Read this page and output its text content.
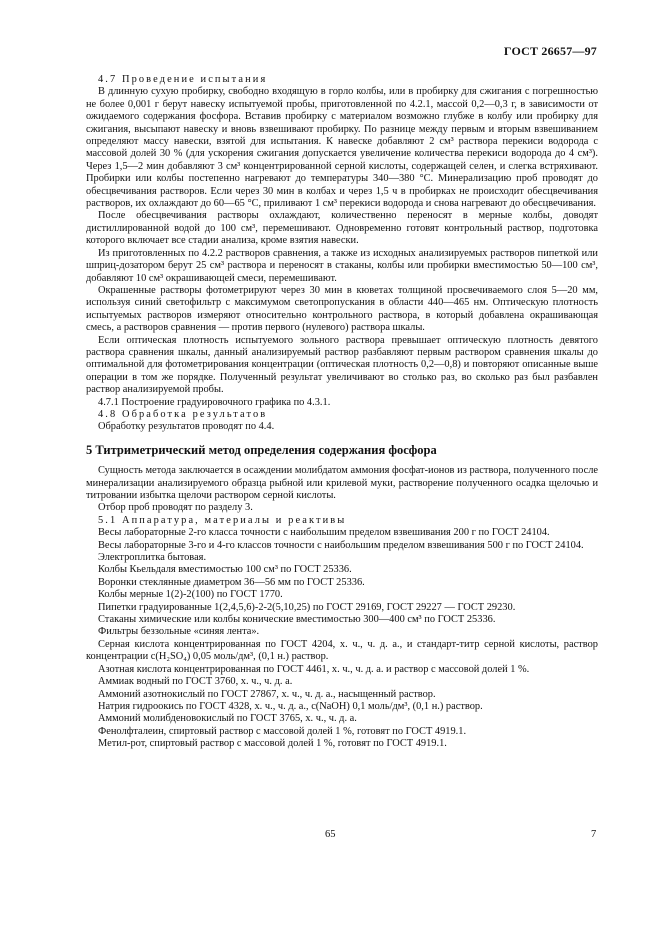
ГОСТ 26657—97

4.7 Проведение испытания

В длинную сухую пробирку, свободно входящую в горло колбы, или в пробирку для сжигания с погрешностью не более 0,001 г берут навеску испытуемой пробы, приготовленной по 4.2.1, массой 0,2—0,3 г, в зависимости от ожидаемого содержания фосфора. Вставив пробирку с материалом возможно глубже в колбу или пробирку для сжигания, высыпают навеску и вновь взвешивают пробирку. По разнице между первым и вторым взвешиванием определяют массу навески, взятой для испытания. К навеске добавляют 2 см³ раствора перекиси водорода с массовой долей 30 % (для ускорения сжигания допускается увеличение количества перекиси водорода до 4 см³). Через 1,5—2 мин добавляют 3 см³ концентрированной серной кислоты, содержащей селен, и слегка встряхивают. Пробирки или колбы постепенно нагревают до температуры 340—380 °С. Минерализацию проб проводят до обесцвечивания растворов. Если через 30 мин в колбах и через 1,5 ч в пробирках не происходит обесцвечивания растворов, их охлаждают до 60—65 °С, приливают 1 см³ перекиси водорода и снова нагревают до обесцвечивания.

После обесцвечивания растворы охлаждают, количественно переносят в мерные колбы, доводят дистиллированной водой до 100 см³, перемешивают. Одновременно готовят контрольный раствор, подготовка которого включает все стадии анализа, кроме взятия навески.

Из приготовленных по 4.2.2 растворов сравнения, а также из исходных анализируемых растворов пипеткой или шприц-дозатором берут 25 см³ раствора и переносят в стаканы, колбы или пробирки вместимостью 50—100 см³, добавляют 10 см³ окрашивающей смеси, перемешивают.

Окрашенные растворы фотометрируют через 30 мин в кюветах толщиной просвечиваемого слоя 5—20 мм, используя синий светофильтр с максимумом светопропускания в области 440—465 нм. Оптическую плотность испытуемых растворов измеряют относительно контрольного раствора, в который добавлена окрашивающая смесь, а растворов сравнения — против первого (нулевого) раствора шкалы.

Если оптическая плотность испытуемого зольного раствора превышает оптическую плотность девятого раствора сравнения шкалы, данный анализируемый раствор разбавляют первым раствором сравнения шкалы до оптимальной для фотометрирования концентрации (оптическая плотность 0,2—0,8) и повторяют описанные выше операции в том же порядке. Полученный результат увеличивают во столько раз, во сколько раз был разбавлен раствор анализируемой пробы.

4.7.1 Построение градуировочного графика по 4.3.1.

4.8 Обработка результатов

Обработку результатов проводят по 4.4.

5 Титриметрический метод определения содержания фосфора

Сущность метода заключается в осаждении молибдатом аммония фосфат-ионов из раствора, полученного после минерализации анализируемого образца рыбной или крилевой муки, растворение полученного осадка щелочью и титровании избытка щелочи раствором серной кислоты.

Отбор проб проводят по разделу 3.

5.1 Аппаратура, материалы и реактивы

Весы лабораторные 2-го класса точности с наибольшим пределом взвешивания 200 г по ГОСТ 24104.

Весы лабораторные 3-го и 4-го классов точности с наибольшим пределом взвешивания 500 г по ГОСТ 24104.

Электроплитка бытовая.

Колбы Кьельдаля вместимостью 100 см³ по ГОСТ 25336.

Воронки стеклянные диаметром 36—56 мм по ГОСТ 25336.

Колбы мерные 1(2)-2(100) по ГОСТ 1770.

Пипетки градуированные 1(2,4,5,6)-2-2(5,10,25) по ГОСТ 29169, ГОСТ 29227 — ГОСТ 29230.

Стаканы химические или колбы конические вместимостью 300—400 см³ по ГОСТ 25336.

Фильтры беззольные «синяя лента».

Серная кислота концентрированная по ГОСТ 4204, х. ч., ч. д. а., и стандарт-титр серной кислоты, раствор концентрации с(H₂SO₄) 0,05 моль/дм³, (0,1 н.) раствор.

Азотная кислота концентрированная по ГОСТ 4461, х. ч., ч. д. а. и раствор с массовой долей 1 %.

Аммиак водный по ГОСТ 3760, х. ч., ч. д. а.

Аммоний азотнокислый по ГОСТ 27867, х. ч., ч. д. а., насыщенный раствор.

Натрия гидроокись по ГОСТ 4328, х. ч., ч. д. а., с(NaOH) 0,1 моль/дм³, (0,1 н.) раствор.

Аммоний молибденовокислый по ГОСТ 3765, х. ч., ч. д. а.

Фенолфталеин, спиртовый раствор с массовой долей 1 %, готовят по ГОСТ 4919.1.

Метил-рот, спиртовый раствор с массовой долей 1 %, готовят по ГОСТ 4919.1.

65	7
